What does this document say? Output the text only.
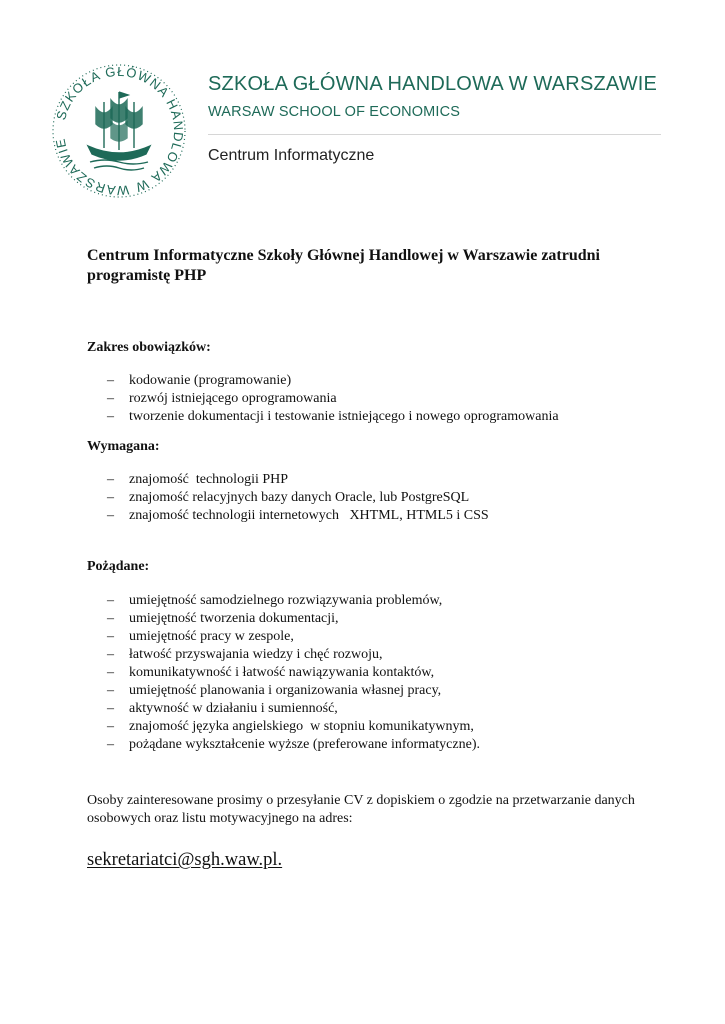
SZKOŁA GŁÓWNA HANDLOWA W WARSZAWIE
SZKOŁA GŁÓWNA HANDLOWA W WARSZAWIE
WARSAW SCHOOL OF ECONOMICS
Centrum Informatyczne
Centrum Informatyczne Szkoły Głównej Handlowej w Warszawie zatrudni programistę PHP
Zakres obowiązków:
– kodowanie (programowanie)
– rozwój istniejącego oprogramowania
– tworzenie dokumentacji i testowanie istniejącego i nowego oprogramowania
Wymagana:
– znajomość  technologii PHP
– znajomość relacyjnych bazy danych Oracle, lub PostgreSQL
– znajomość technologii internetowych   XHTML, HTML5 i CSS
Pożądane:
– umiejętność samodzielnego rozwiązywania problemów,
– umiejętność tworzenia dokumentacji,
– umiejętność pracy w zespole,
– łatwość przyswajania wiedzy i chęć rozwoju,
– komunikatywność i łatwość nawiązywania kontaktów,
– umiejętność planowania i organizowania własnej pracy,
– aktywność w działaniu i sumienność,
– znajomość języka angielskiego  w stopniu komunikatywnym,
– pożądane wykształcenie wyższe (preferowane informatyczne).
Osoby zainteresowane prosimy o przesyłanie CV z dopiskiem o zgodzie na przetwarzanie danych osobowych oraz listu motywacyjnego na adres:
sekretariatci@sgh.waw.pl.
